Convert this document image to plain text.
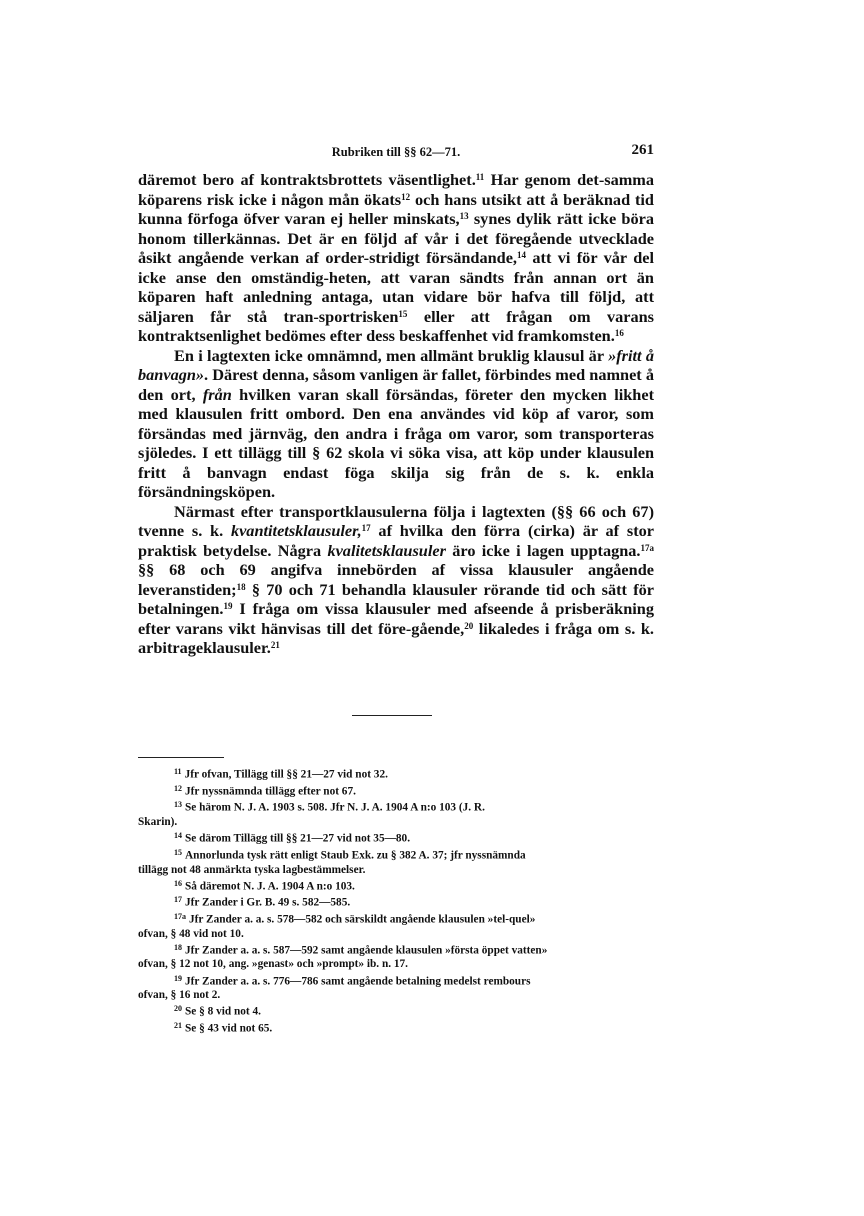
Rubriken till §§ 62—71.	261

däremot bero af kontraktsbrottets väsentlighet.$^{11}$ Har genom det-samma köparens risk icke i någon mån ökats$^{12}$ och hans utsikt att å beräknad tid kunna förfoga öfver varan ej heller minskats,$^{13}$ synes dylik rätt icke böra honom tillerkännas. Det är en följd af vår i det föregående utvecklade åsikt angående verkan af order-stridigt försändande,$^{14}$ att vi för vår del icke anse den omständig-heten, att varan sändts från annan ort än köparen haft anledning antaga, utan vidare bör hafva till följd, att säljaren får stå tran-sportrisken$^{15}$ eller att frågan om varans kontraktsenlighet bedömes efter dess beskaffenhet vid framkomsten.$^{16}$

En i lagtexten icke omnämnd, men allmänt bruklig klausul är »fritt å banvagn». Därest denna, såsom vanligen är fallet, förbindes med namnet å den ort, från hvilken varan skall försändas, företer den mycken likhet med klausulen fritt ombord. Den ena användes vid köp af varor, som försändas med järnväg, den andra i fråga om varor, som transporteras sjöledes. I ett tillägg till § 62 skola vi söka visa, att köp under klausulen fritt å banvagn endast föga skilja sig från de s. k. enkla försändningsköpen.

Närmast efter transportklausulerna följa i lagtexten (§§ 66 och 67) tvenne s. k. kvantitetsklausuler,$^{17}$ af hvilka den förra (cirka) är af stor praktisk betydelse. Några kvalitetsklausuler äro icke i lagen upptagna.$^{17a}$ §§ 68 och 69 angifva innebörden af vissa klausuler angående leveranstiden;$^{18}$ § 70 och 71 behandla klausuler rörande tid och sätt för betalningen.$^{19}$ I fråga om vissa klausuler med afseende å prisberäkning efter varans vikt hänvisas till det före-gående,$^{20}$ likaledes i fråga om s. k. arbitrageklausuler.$^{21}$

$^{11}$ Jfr ofvan, Tillägg till §§ 21—27 vid not 32.
$^{12}$ Jfr nyssnämnda tillägg efter not 67.
$^{13}$ Se härom N. J. A. 1903 s. 508. Jfr N. J. A. 1904 A n:o 103 (J. R.
Skarin).
$^{14}$ Se därom Tillägg till §§ 21—27 vid not 35—80.
$^{15}$ Annorlunda tysk rätt enligt Staub Exk. zu § 382 A. 37; jfr nyssnämnda
tillägg not 48 anmärkta tyska lagbestämmelser.
$^{16}$ Så däremot N. J. A. 1904 A n:o 103.
$^{17}$ Jfr Zander i Gr. B. 49 s. 582—585.
$^{17a}$ Jfr Zander a. a. s. 578—582 och särskildt angående klausulen »tel-quel»
ofvan, § 48 vid not 10.
$^{18}$ Jfr Zander a. a. s. 587—592 samt angående klausulen »första öppet vatten»
ofvan, § 12 not 10, ang. »genast» och »prompt» ib. n. 17.
$^{19}$ Jfr Zander a. a. s. 776—786 samt angående betalning medelst rembours
ofvan, § 16 not 2.
$^{20}$ Se § 8 vid not 4.
$^{21}$ Se § 43 vid not 65.
